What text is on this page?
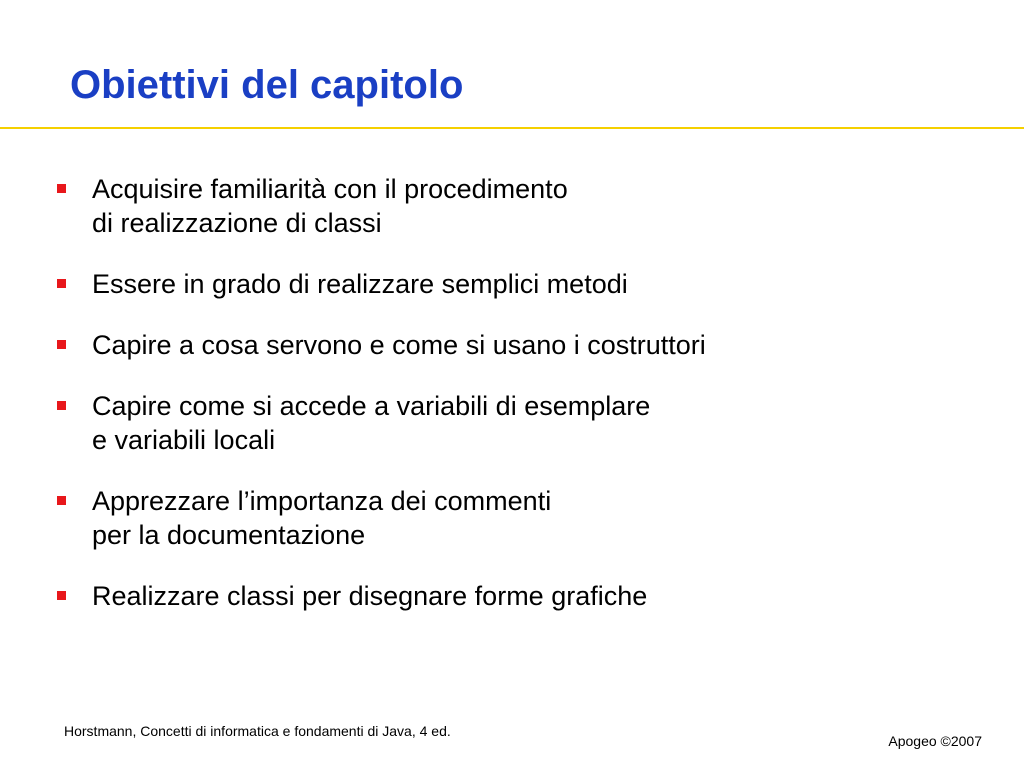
Obiettivi del capitolo
Acquisire familiarità con il procedimento
di realizzazione di classi
Essere in grado di realizzare semplici metodi
Capire a cosa servono e come si usano i costruttori
Capire come si accede a variabili di esemplare
e variabili locali
Apprezzare l’importanza dei commenti
per la documentazione
Realizzare classi per disegnare forme grafiche
Horstmann, Concetti di informatica e fondamenti di Java, 4 ed.
Apogeo ©2007
